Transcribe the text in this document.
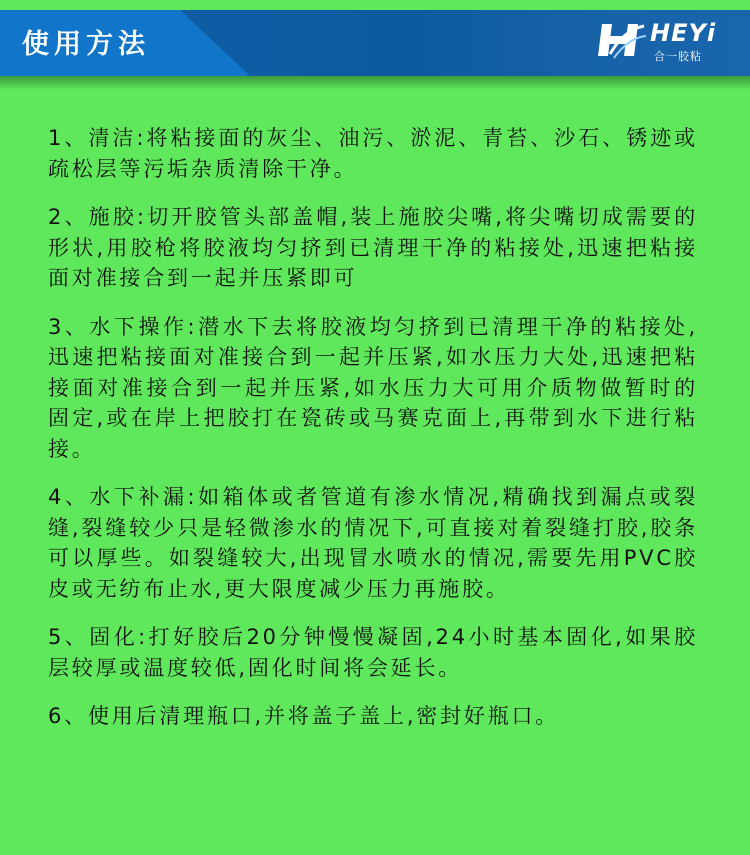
使用方法	HEYi
合一胶粘

1、清洁:将粘接面的灰尘、油污、淤泥、青苔、沙石、锈迹或疏松层等污垢杂质清除干净。

2、施胶:切开胶管头部盖帽,装上施胶尖嘴,将尖嘴切成需要的形状,用胶枪将胶液均匀挤到已清理干净的粘接处,迅速把粘接面对准接合到一起并压紧即可

3、水下操作:潜水下去将胶液均匀挤到已清理干净的粘接处,迅速把粘接面对准接合到一起并压紧,如水压力大处,迅速把粘接面对准接合到一起并压紧,如水压力大可用介质物做暂时的固定,或在岸上把胶打在瓷砖或马赛克面上,再带到水下进行粘接。

4、水下补漏:如箱体或者管道有渗水情况,精确找到漏点或裂缝,裂缝较少只是轻微渗水的情况下,可直接对着裂缝打胶,胶条可以厚些。如裂缝较大,出现冒水喷水的情况,需要先用PVC胶皮或无纺布止水,更大限度减少压力再施胶。

5、固化:打好胶后20分钟慢慢凝固,24小时基本固化,如果胶层较厚或温度较低,固化时间将会延长。

6、使用后清理瓶口,并将盖子盖上,密封好瓶口。
